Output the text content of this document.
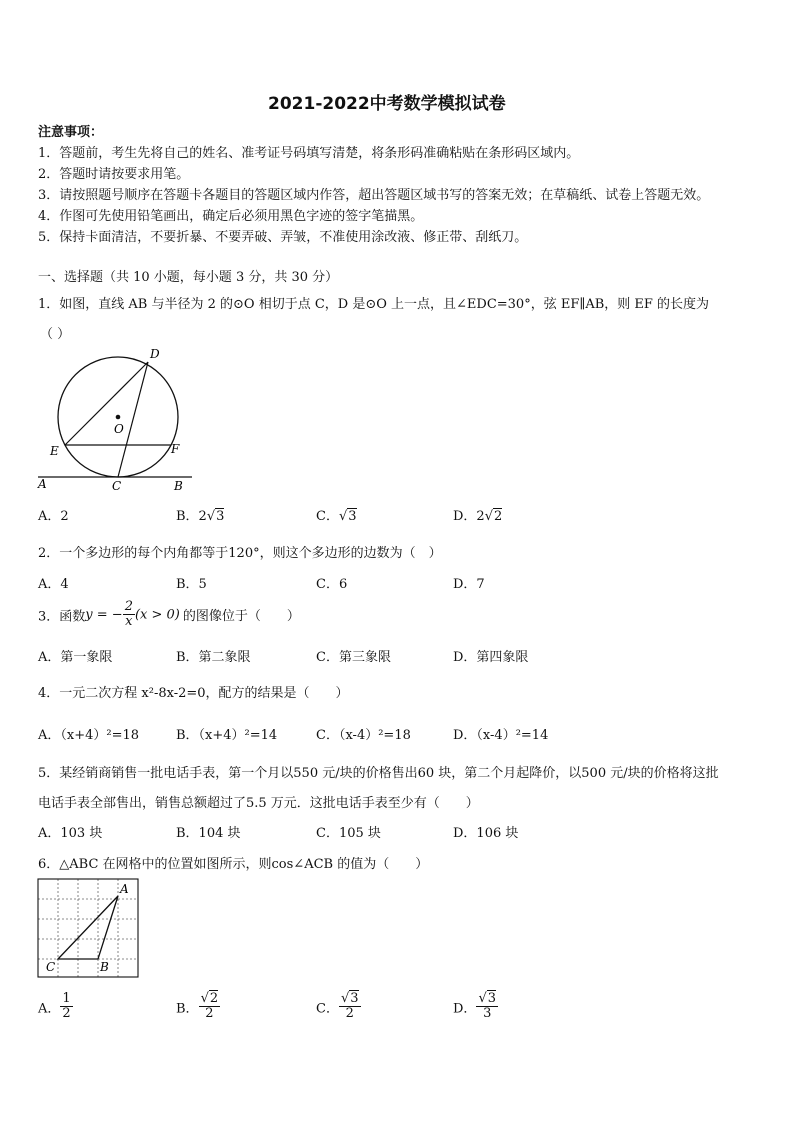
2021-2022中考数学模拟试卷
注意事项：
1．答题前，考生先将自己的姓名、准考证号码填写清楚，将条形码准确粘贴在条形码区域内。
2．答题时请按要求用笔。
3．请按照题号顺序在答题卡各题目的答题区域内作答，超出答题区域书写的答案无效；在草稿纸、试卷上答题无效。
4．作图可先使用铅笔画出，确定后必须用黑色字迹的签字笔描黑。
5．保持卡面清洁，不要折暴、不要弄破、弄皱，不准使用涂改液、修正带、刮纸刀。
一、选择题（共 10 小题，每小题 3 分，共 30 分）
1．如图，直线 AB 与半径为 2 的⊙O 相切于点 C，D 是⊙O 上一点，且∠EDC=30°，弦 EF∥AB，则 EF 的长度为
（ ）
D
O
E	F
A	C	B
A．2	B．2√3	C．√3	D．2√2
2．一个多边形的每个内角都等于120°，则这个多边形的边数为（　）
A．4	B．5	C．6	D．7
3．函数y = − $\frac{2}{x} (x > 0)$ 的图像位于（　　）
A．第一象限	B．第二象限	C．第三象限	D．第四象限
4．一元二次方程 x²-8x-2=0，配方的结果是（　　）
A．（x+4）²=18	B．（x+4）²=14	C．（x-4）²=18	D．（x-4）²=14
5．某经销商销售一批电话手表，第一个月以550 元/块的价格售出60 块，第二个月起降价，以500 元/块的价格将这批
电话手表全部售出，销售总额超过了5.5 万元．这批电话手表至少有（　　）
A．103 块	B．104 块	C．105 块	D．106 块
6．△ABC 在网格中的位置如图所示，则cos∠ACB 的值为（　　）
A
B
C
A． $\frac{1}{2}$	B． $\frac{√2}{2}$	C． $\frac{√3}{2}$	D． $\frac{√3}{3}$
